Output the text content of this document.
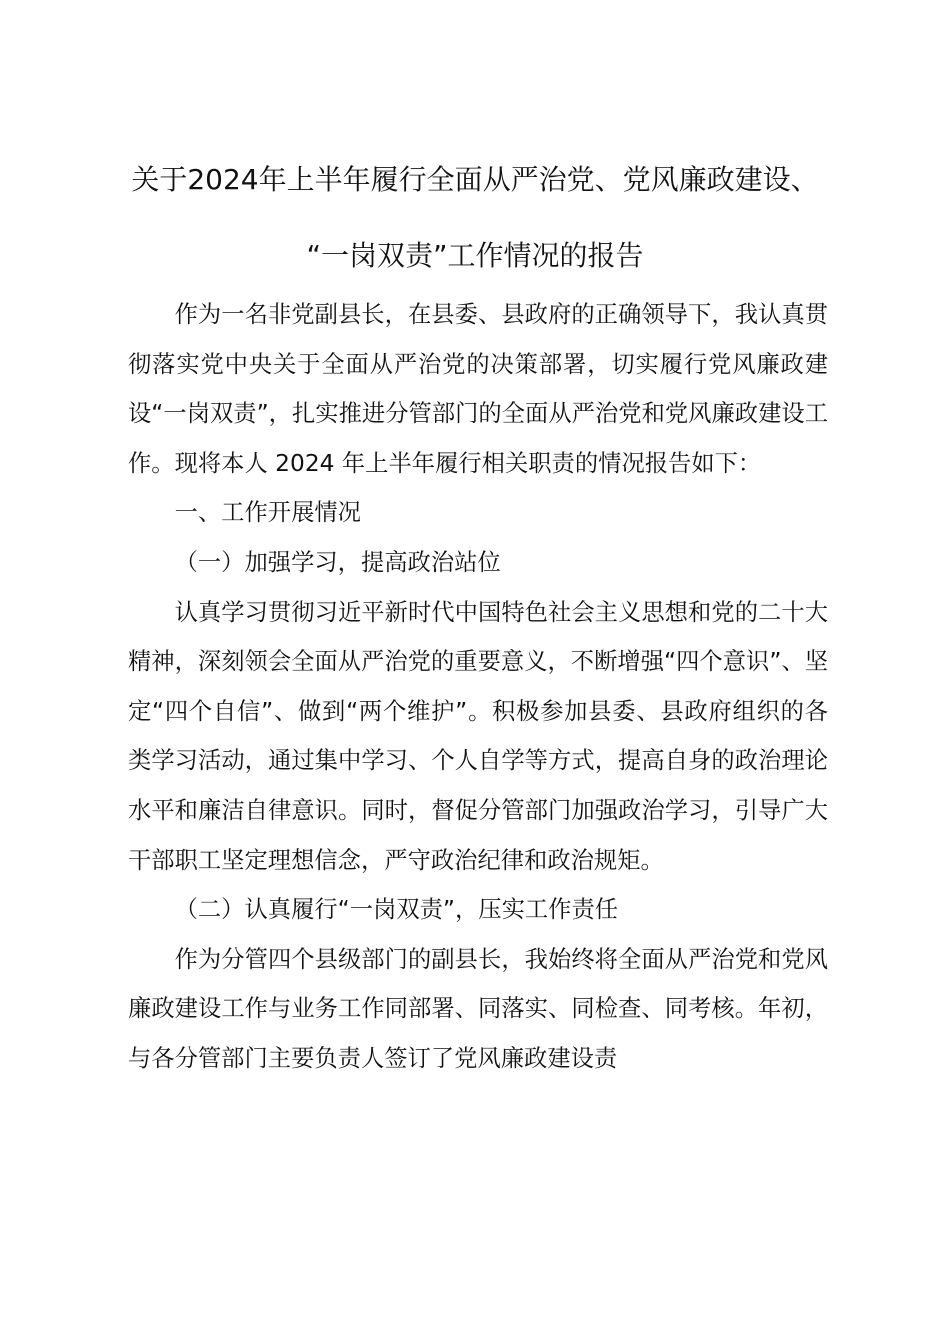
关于2024年上半年履行全面从严治党、党风廉政建设、
“一岗双责”工作情况的报告

作为一名非党副县长，在县委、县政府的正确领导下，我认真贯彻落实党中央关于全面从严治党的决策部署，切实履行党风廉政建设“一岗双责”，扎实推进分管部门的全面从严治党和党风廉政建设工作。现将本人 2024 年上半年履行相关职责的情况报告如下：

一、工作开展情况

（一）加强学习，提高政治站位

认真学习贯彻习近平新时代中国特色社会主义思想和党的二十大精神，深刻领会全面从严治党的重要意义，不断增强“四个意识”、坚定“四个自信”、做到“两个维护”。积极参加县委、县政府组织的各类学习活动，通过集中学习、个人自学等方式，提高自身的政治理论水平和廉洁自律意识。同时，督促分管部门加强政治学习，引导广大干部职工坚定理想信念，严守政治纪律和政治规矩。

（二）认真履行“一岗双责”，压实工作责任

作为分管四个县级部门的副县长，我始终将全面从严治党和党风廉政建设工作与业务工作同部署、同落实、同检查、同考核。年初，与各分管部门主要负责人签订了党风廉政建设责
